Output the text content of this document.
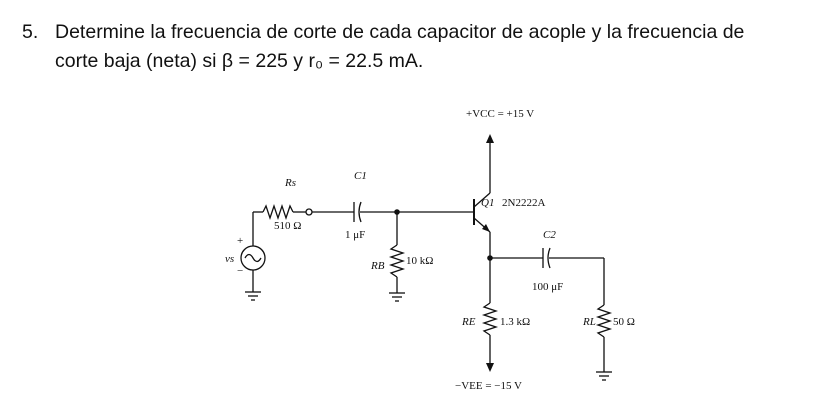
5. Determine la frecuencia de corte de cada capacitor de acople y la frecuencia de
corte baja (neta) si β = 225 y r₀ = 22.5 mA.
+VCC = +15 V
−VEE = −15 V
Rs
510 Ω
C1
1 μF
RB 10 kΩ
Q1 2N2222A
C2
100 μF
RE 1.3 kΩ	RL 50 Ω
vs
+
−
